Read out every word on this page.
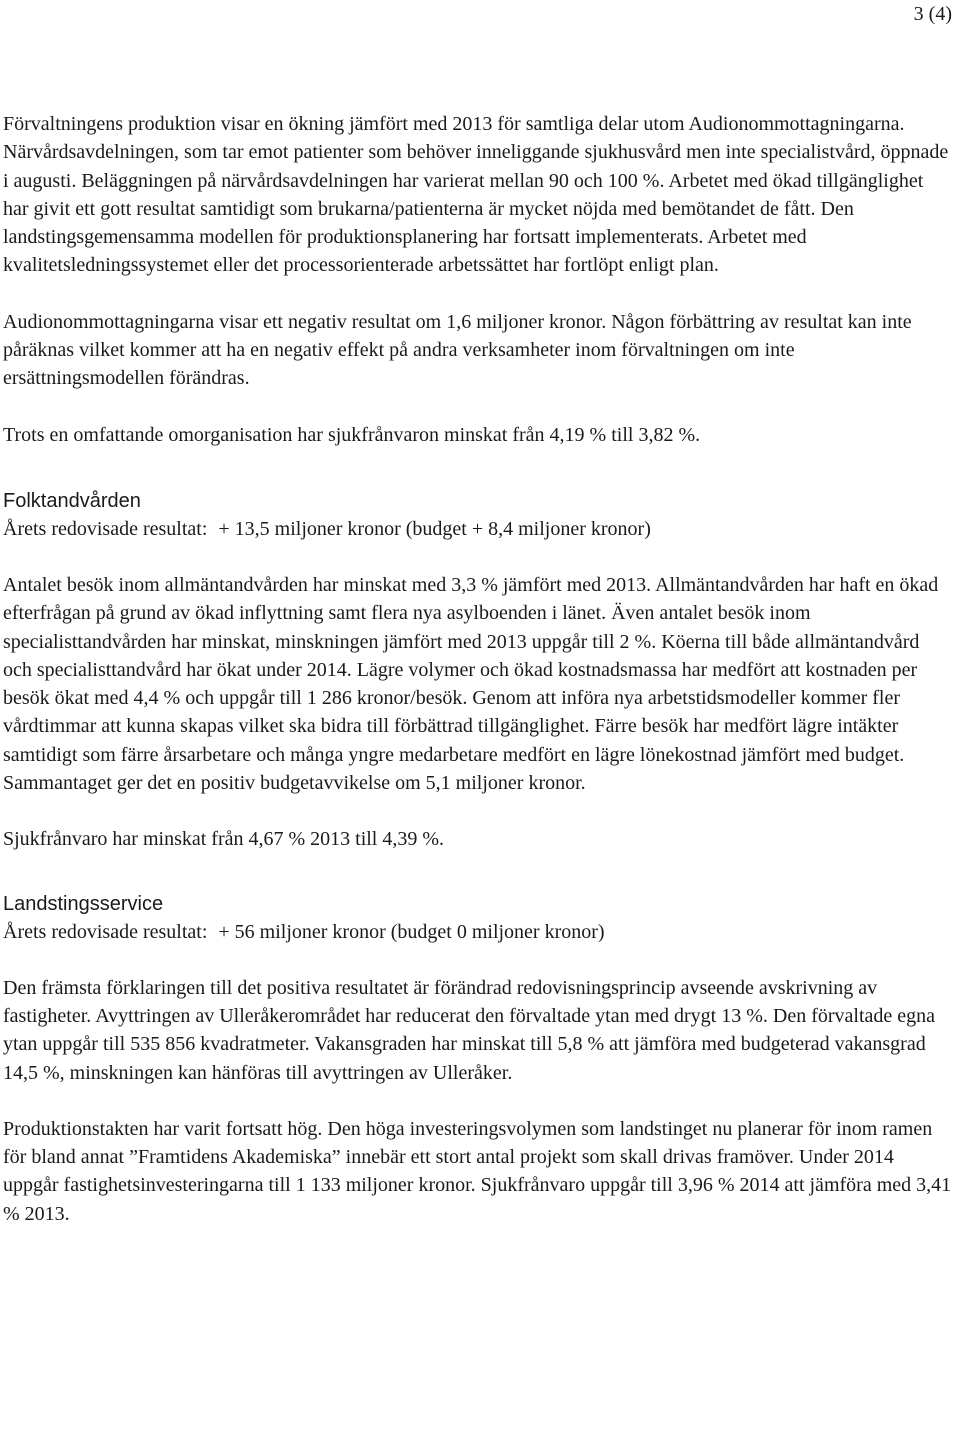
3 (4)

Förvaltningens produktion visar en ökning jämfört med 2013 för samtliga delar utom Audionommottagningarna. Närvårdsavdelningen, som tar emot patienter som behöver inneliggande sjukhusvård men inte specialistvård, öppnade i augusti. Beläggningen på närvårdsavdelningen har varierat mellan 90 och 100 %. Arbetet med ökad tillgänglighet har givit ett gott resultat samtidigt som brukarna/patienterna är mycket nöjda med bemötandet de fått. Den landstingsgemensamma modellen för produktionsplanering har fortsatt implementerats. Arbetet med kvalitetsledningssystemet eller det processorienterade arbetssättet har fortlöpt enligt plan.

Audionommottagningarna visar ett negativ resultat om 1,6 miljoner kronor. Någon förbättring av resultat kan inte påräknas vilket kommer att ha en negativ effekt på andra verksamheter inom förvaltningen om inte ersättningsmodellen förändras.

Trots en omfattande omorganisation har sjukfrånvaron minskat från 4,19 % till 3,82 %.

Folktandvården
Årets redovisade resultat: + 13,5 miljoner kronor (budget + 8,4 miljoner kronor)

Antalet besök inom allmäntandvården har minskat med 3,3 % jämfört med 2013. Allmäntandvården har haft en ökad efterfrågan på grund av ökad inflyttning samt flera nya asylboenden i länet. Även antalet besök inom specialisttandvården har minskat, minskningen jämfört med 2013 uppgår till 2 %. Köerna till både allmäntandvård och specialisttandvård har ökat under 2014. Lägre volymer och ökad kostnadsmassa har medfört att kostnaden per besök ökat med 4,4 % och uppgår till 1 286 kronor/besök. Genom att införa nya arbetstidsmodeller kommer fler vårdtimmar att kunna skapas vilket ska bidra till förbättrad tillgänglighet. Färre besök har medfört lägre intäkter samtidigt som färre årsarbetare och många yngre medarbetare medfört en lägre lönekostnad jämfört med budget. Sammantaget ger det en positiv budgetavvikelse om 5,1 miljoner kronor.

Sjukfrånvaro har minskat från 4,67 % 2013 till 4,39 %.

Landstingsservice
Årets redovisade resultat: + 56 miljoner kronor (budget 0 miljoner kronor)

Den främsta förklaringen till det positiva resultatet är förändrad redovisningsprincip avseende avskrivning av fastigheter. Avyttringen av Ulleråkerområdet har reducerat den förvaltade ytan med drygt 13 %. Den förvaltade egna ytan uppgår till 535 856 kvadratmeter. Vakansgraden har minskat till 5,8 % att jämföra med budgeterad vakansgrad 14,5 %, minskningen kan hänföras till avyttringen av Ulleråker.

Produktionstakten har varit fortsatt hög. Den höga investeringsvolymen som landstinget nu planerar för inom ramen för bland annat ”Framtidens Akademiska” innebär ett stort antal projekt som skall drivas framöver. Under 2014 uppgår fastighetsinvesteringarna till 1 133 miljoner kronor. Sjukfrånvaro uppgår till 3,96 % 2014 att jämföra med 3,41 % 2013.
